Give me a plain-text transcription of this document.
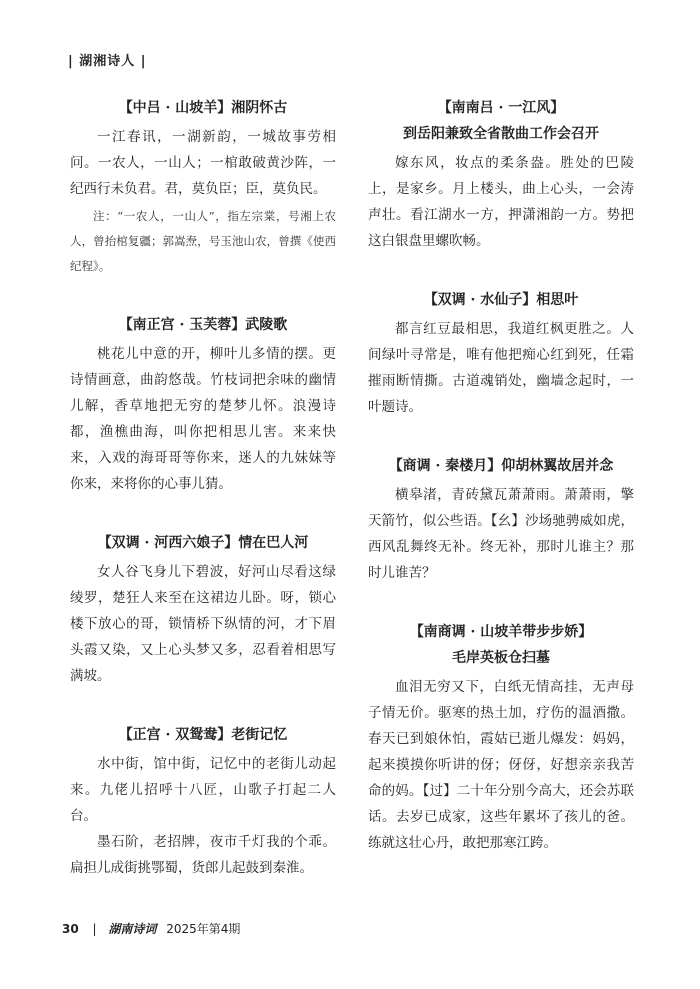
| 湖湘诗人 |
【中吕 · 山坡羊】湘阴怀古

一江春讯，一湖新韵，一城故事劳相问。一农人，一山人；一棺敢破黄沙阵，一纪西行未负君。君，莫负臣；臣，莫负民。

注：“一农人，一山人”，指左宗棠，号湘上农人，曾抬棺复疆；郭嵩焘，号玉池山农，曾撰《使西纪程》。

【南正宫 · 玉芙蓉】武陵歌

桃花儿中意的开，柳叶儿多情的摆。更诗情画意，曲韵悠哉。竹枝词把余味的幽情儿解，香草地把无穷的楚梦儿怀。浪漫诗都，渔樵曲海，叫你把相思儿害。来来快来，入戏的海哥哥等你来，迷人的九妹妹等你来，来将你的心事儿猜。

【双调 · 河西六娘子】情在巴人河

女人谷飞身儿下碧波，好河山尽看这绿绫罗，楚狂人来至在这裙边儿卧。呀，锁心楼下放心的哥，锁情桥下纵情的河，才下眉头霞又染，又上心头梦又多，忍看着相思写满坡。

【正宫 · 双鸳鸯】老街记忆

水中街，馆中街，记忆中的老街儿动起来。九佬儿招呼十八匠，山歌子打起二人台。

墨石阶，老招牌，夜市千灯我的个乖。扁担儿成街挑鄂蜀，货郎儿起鼓到秦淮。

【南南吕 · 一江风】
到岳阳兼致全省散曲工作会召开

嫁东风，妆点的柔条盎。胜处的巴陵上，是家乡。月上楼头，曲上心头，一会涛声壮。看江湖水一方，押潇湘韵一方。势把这白银盘里螺吹畅。

【双调 · 水仙子】相思叶

都言红豆最相思，我道红枫更胜之。人间绿叶寻常是，唯有他把痴心红到死，任霜摧雨断情撕。古道魂销处，幽墙念起时，一叶题诗。

【商调 · 秦楼月】仰胡林翼故居并念

横皋渚，青砖黛瓦萧萧雨。萧萧雨，擎天箭竹，似公些语。【幺】沙场驰骋威如虎，西风乱舞终无补。终无补，那时儿谁主？那时儿谁苦？

【南商调 · 山坡羊带步步娇】
毛岸英板仓扫墓

血泪无穷又下，白纸无情高挂，无声母子情无价。驱寒的热土加，疗伤的温酒撒。春天已到娘休怕，霞姑已逝儿爆发：妈妈，起来摸摸你听讲的伢；伢伢，好想亲亲我苦命的妈。【过】二十年分别今高大，还会苏联话。去岁已成家，这些年累坏了孩儿的爸。练就这壮心丹，敢把那寒江跨。

30 | 湖南诗词 2025年第4期
